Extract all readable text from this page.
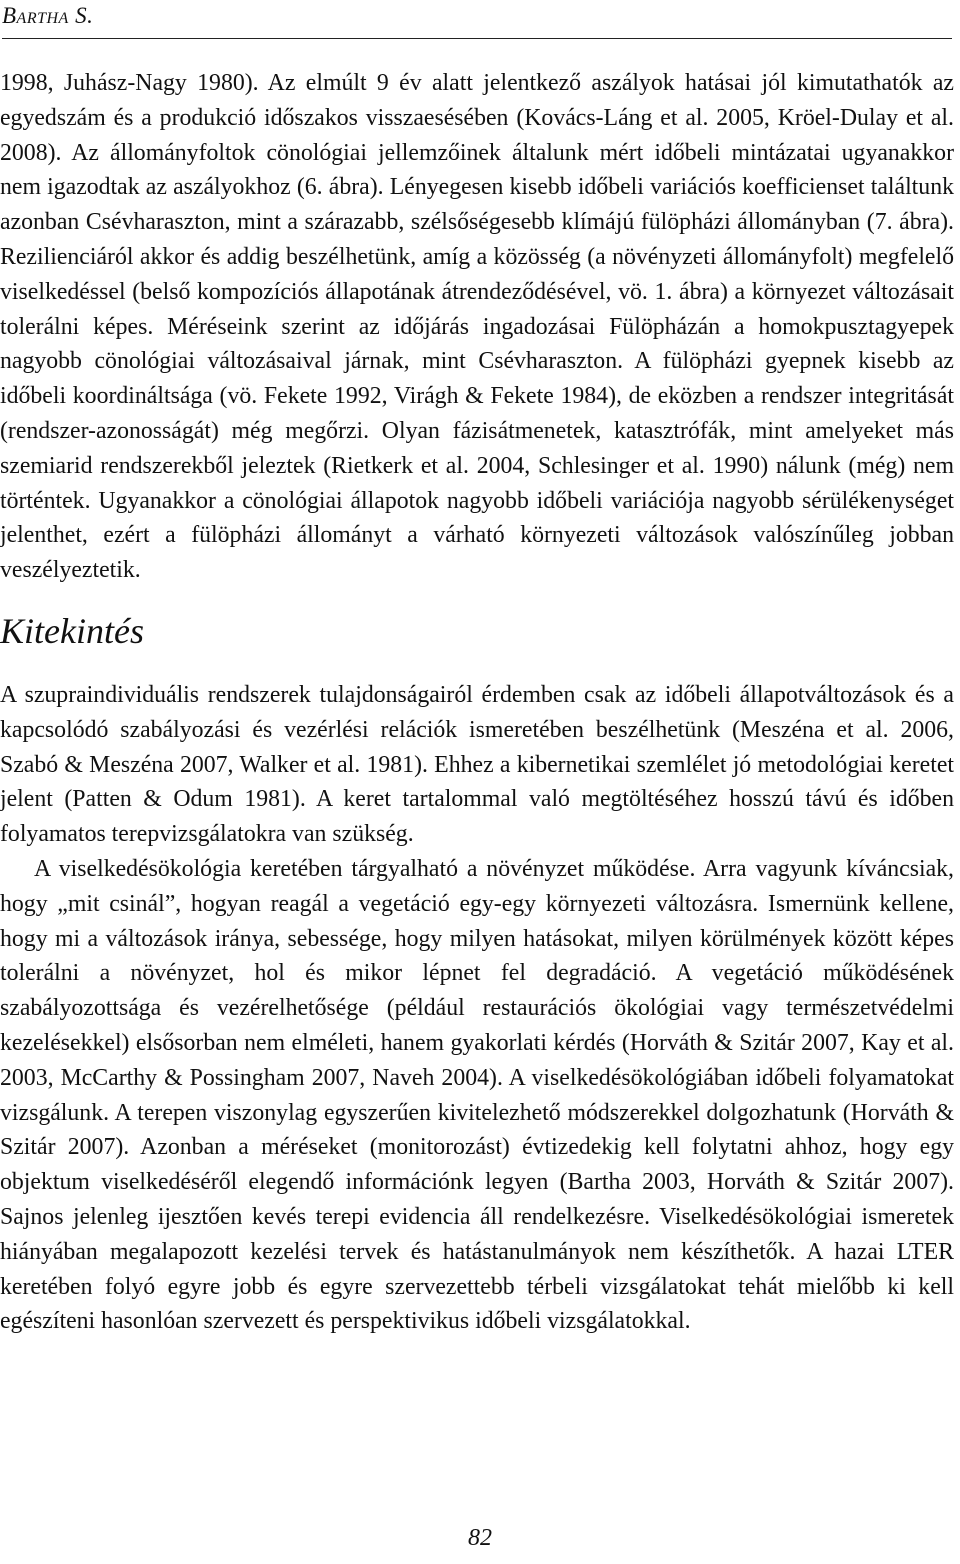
Bartha S.

1998, Juhász-Nagy 1980). Az elmúlt 9 év alatt jelentkező aszályok hatásai jól kimutathatók az egyedszám és a produkció időszakos visszaesésében (Kovács-Láng et al. 2005, Kröel-Dulay et al. 2008). Az állományfoltok cönológiai jellemzőinek általunk mért időbeli mintázatai ugyanakkor nem igazodtak az aszályokhoz (6. ábra). Lényegesen kisebb időbeli variációs koefficienset találtunk azonban Csévharaszton, mint a szárazabb, szélsőségesebb klímájú fülöpházi állományban (7. ábra). Rezilienciáról akkor és addig beszélhetünk, amíg a közösség (a növényzeti állományfolt) megfelelő viselkedéssel (belső kompozíciós állapotának átrendeződésével, vö. 1. ábra) a környezet változásait tolerálni képes. Méréseink szerint az időjárás ingadozásai Fülöpházán a homokpusztagyepek nagyobb cönológiai változásaival járnak, mint Csévharaszton. A fülöpházi gyepnek kisebb az időbeli koordináltsága (vö. Fekete 1992, Virágh & Fekete 1984), de eközben a rendszer integritását (rendszer-azonosságát) még megőrzi. Olyan fázisátmenetek, katasztrófák, mint amelyeket más szemiarid rendszerekből jeleztek (Rietkerk et al. 2004, Schlesinger et al. 1990) nálunk (még) nem történtek. Ugyanakkor a cönológiai állapotok nagyobb időbeli variációja nagyobb sérülékenységet jelenthet, ezért a fülöpházi állományt a várható környezeti változások valószínűleg jobban veszélyeztetik.

Kitekintés

A szupraindividuális rendszerek tulajdonságairól érdemben csak az időbeli állapotváltozások és a kapcsolódó szabályozási és vezérlési relációk ismeretében beszélhetünk (Meszéna et al. 2006, Szabó & Meszéna 2007, Walker et al. 1981). Ehhez a kibernetikai szemlélet jó metodológiai keretet jelent (Patten & Odum 1981). A keret tartalommal való megtöltéséhez hosszú távú és időben folyamatos terepvizsgálatokra van szükség.

A viselkedésökológia keretében tárgyalható a növényzet működése. Arra vagyunk kíváncsiak, hogy „mit csinál”, hogyan reagál a vegetáció egy-egy környezeti változásra. Ismernünk kellene, hogy mi a változások iránya, sebessége, hogy milyen hatásokat, milyen körülmények között képes tolerálni a növényzet, hol és mikor lépnet fel degradáció. A vegetáció működésének szabályozottsága és vezérelhetősége (például restaurációs ökológiai vagy természetvédelmi kezelésekkel) elsősorban nem elméleti, hanem gyakorlati kérdés (Horváth & Szitár 2007, Kay et al. 2003, McCarthy & Possingham 2007, Naveh 2004). A viselkedésökológiában időbeli folyamatokat vizsgálunk. A terepen viszonylag egyszerűen kivitelezhető módszerekkel dolgozhatunk (Horváth & Szitár 2007). Azonban a méréseket (monitorozást) évtizedekig kell folytatni ahhoz, hogy egy objektum viselkedéséről elegendő információnk legyen (Bartha 2003, Horváth & Szitár 2007). Sajnos jelenleg ijesztően kevés terepi evidencia áll rendelkezésre. Viselkedésökológiai ismeretek hiányában megalapozott kezelési tervek és hatástanulmányok nem készíthetők. A hazai LTER keretében folyó egyre jobb és egyre szervezettebb térbeli vizsgálatokat tehát mielőbb ki kell egészíteni hasonlóan szervezett és perspektivikus időbeli vizsgálatokkal.

82
